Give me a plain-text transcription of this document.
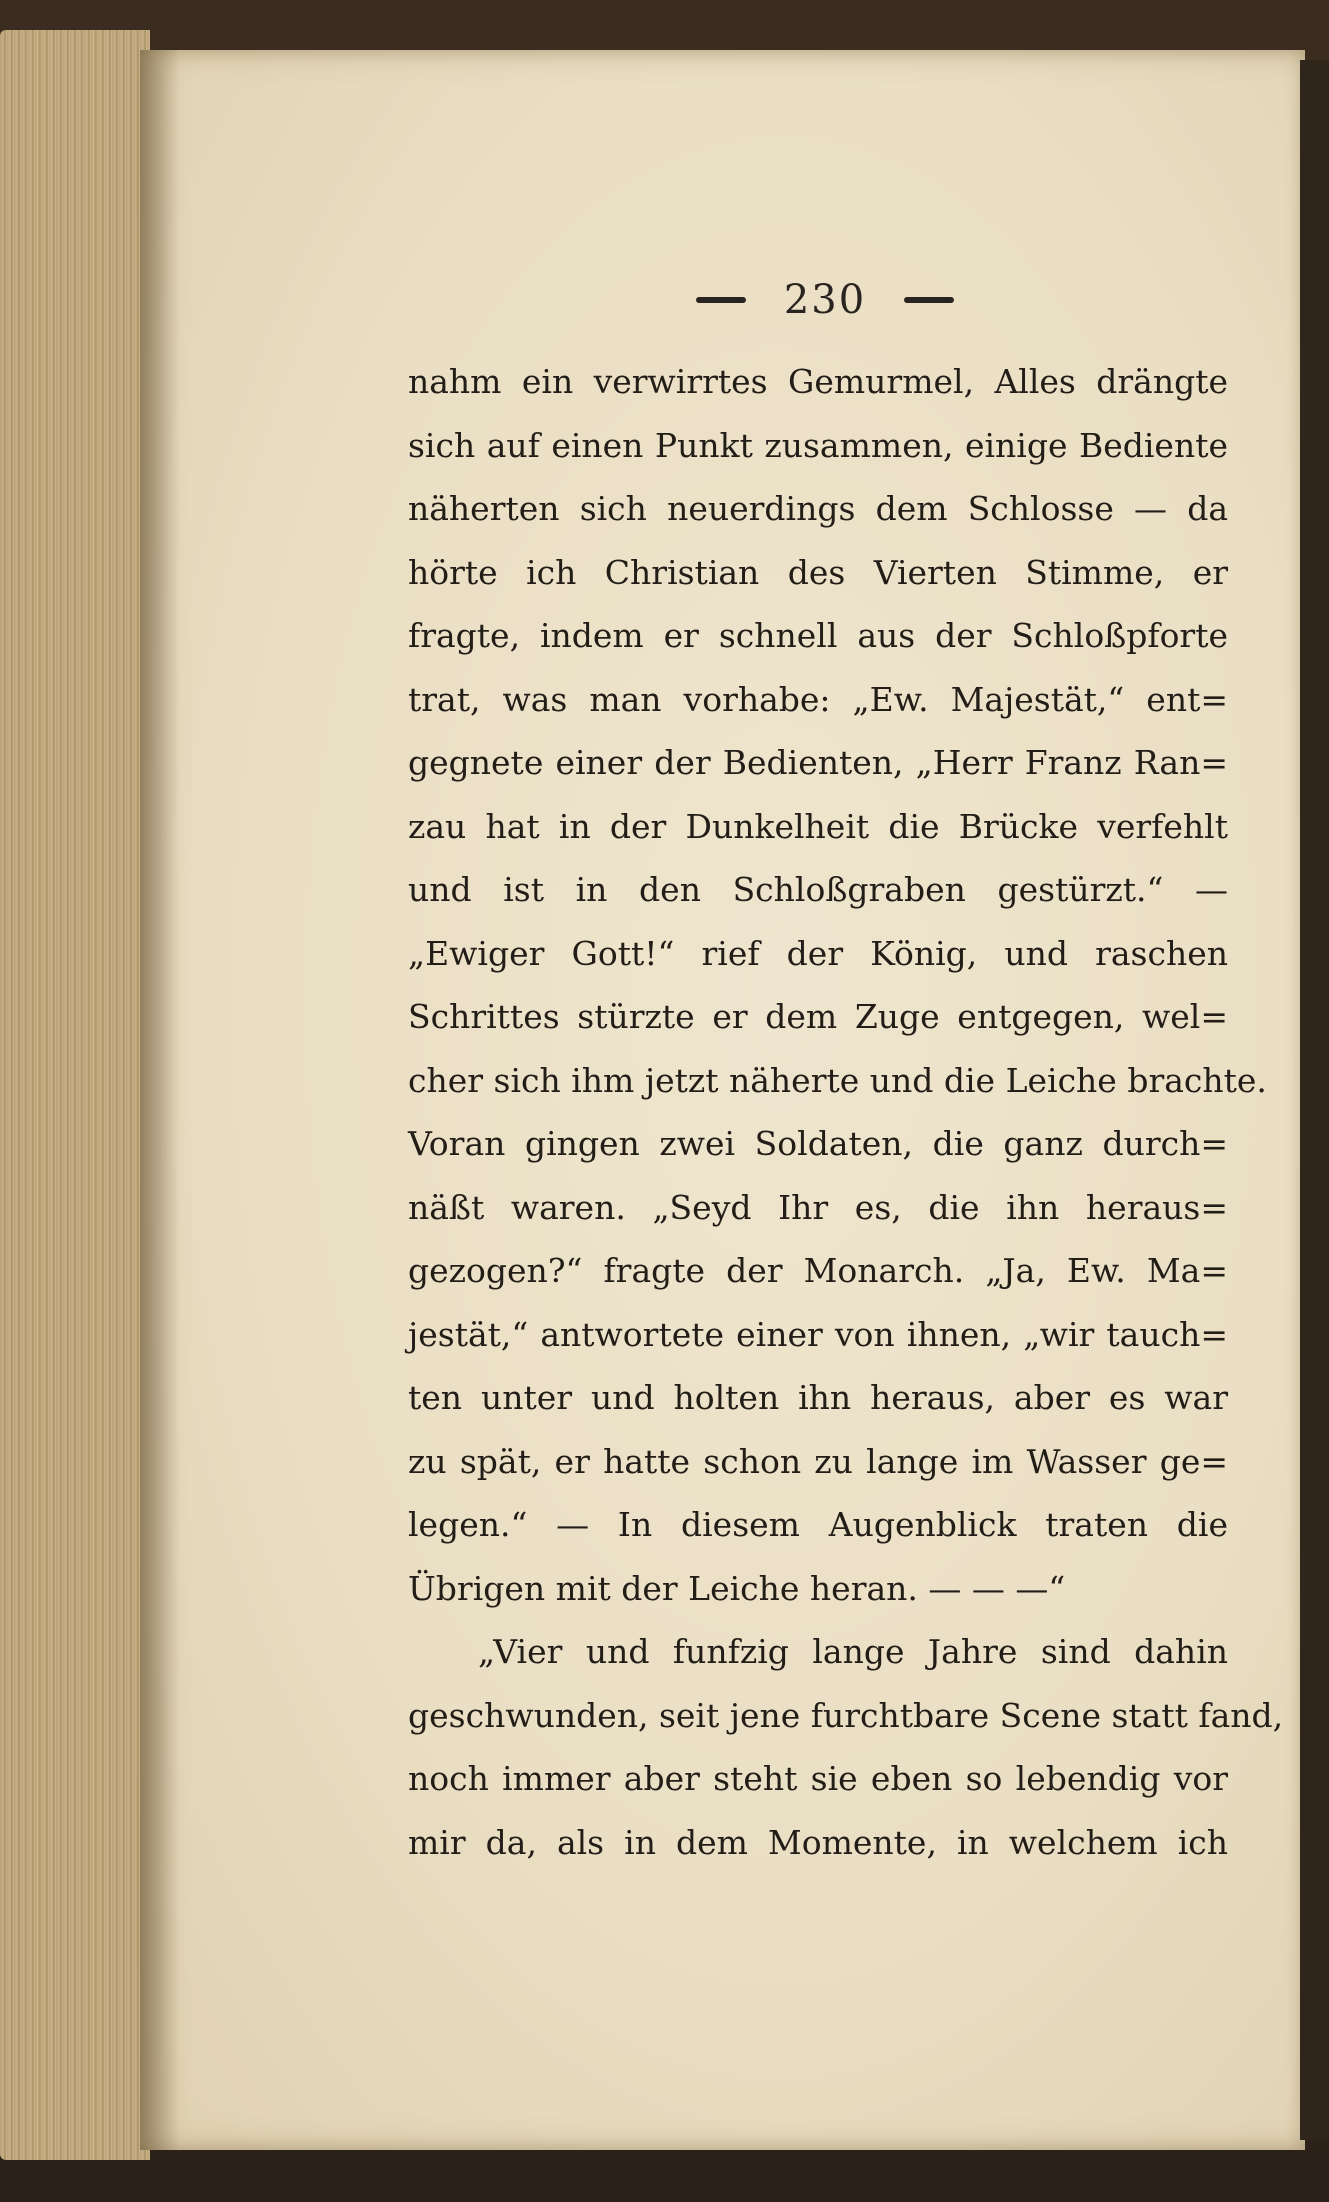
230
nahm ein verwirrtes Gemurmel, Alles drängte
sich auf einen Punkt zusammen, einige Bediente
näherten sich neuerdings dem Schlosse — da
hörte ich Christian des Vierten Stimme, er
fragte, indem er schnell aus der Schloßpforte
trat, was man vorhabe: „Ew. Majestät,“ ent=
gegnete einer der Bedienten, „Herr Franz Ran=
zau hat in der Dunkelheit die Brücke verfehlt
und ist in den Schloßgraben gestürzt.“ —
„Ewiger Gott!“ rief der König, und raschen
Schrittes stürzte er dem Zuge entgegen, wel=
cher sich ihm jetzt näherte und die Leiche brachte.
Voran gingen zwei Soldaten, die ganz durch=
näßt waren. „Seyd Ihr es, die ihn heraus=
gezogen?“ fragte der Monarch. „Ja, Ew. Ma=
jestät,“ antwortete einer von ihnen, „wir tauch=
ten unter und holten ihn heraus, aber es war
zu spät, er hatte schon zu lange im Wasser ge=
legen.“ — In diesem Augenblick traten die
Übrigen mit der Leiche heran. — — —“
„Vier und funfzig lange Jahre sind dahin
geschwunden, seit jene furchtbare Scene statt fand,
noch immer aber steht sie eben so lebendig vor
mir da, als in dem Momente, in welchem ich
